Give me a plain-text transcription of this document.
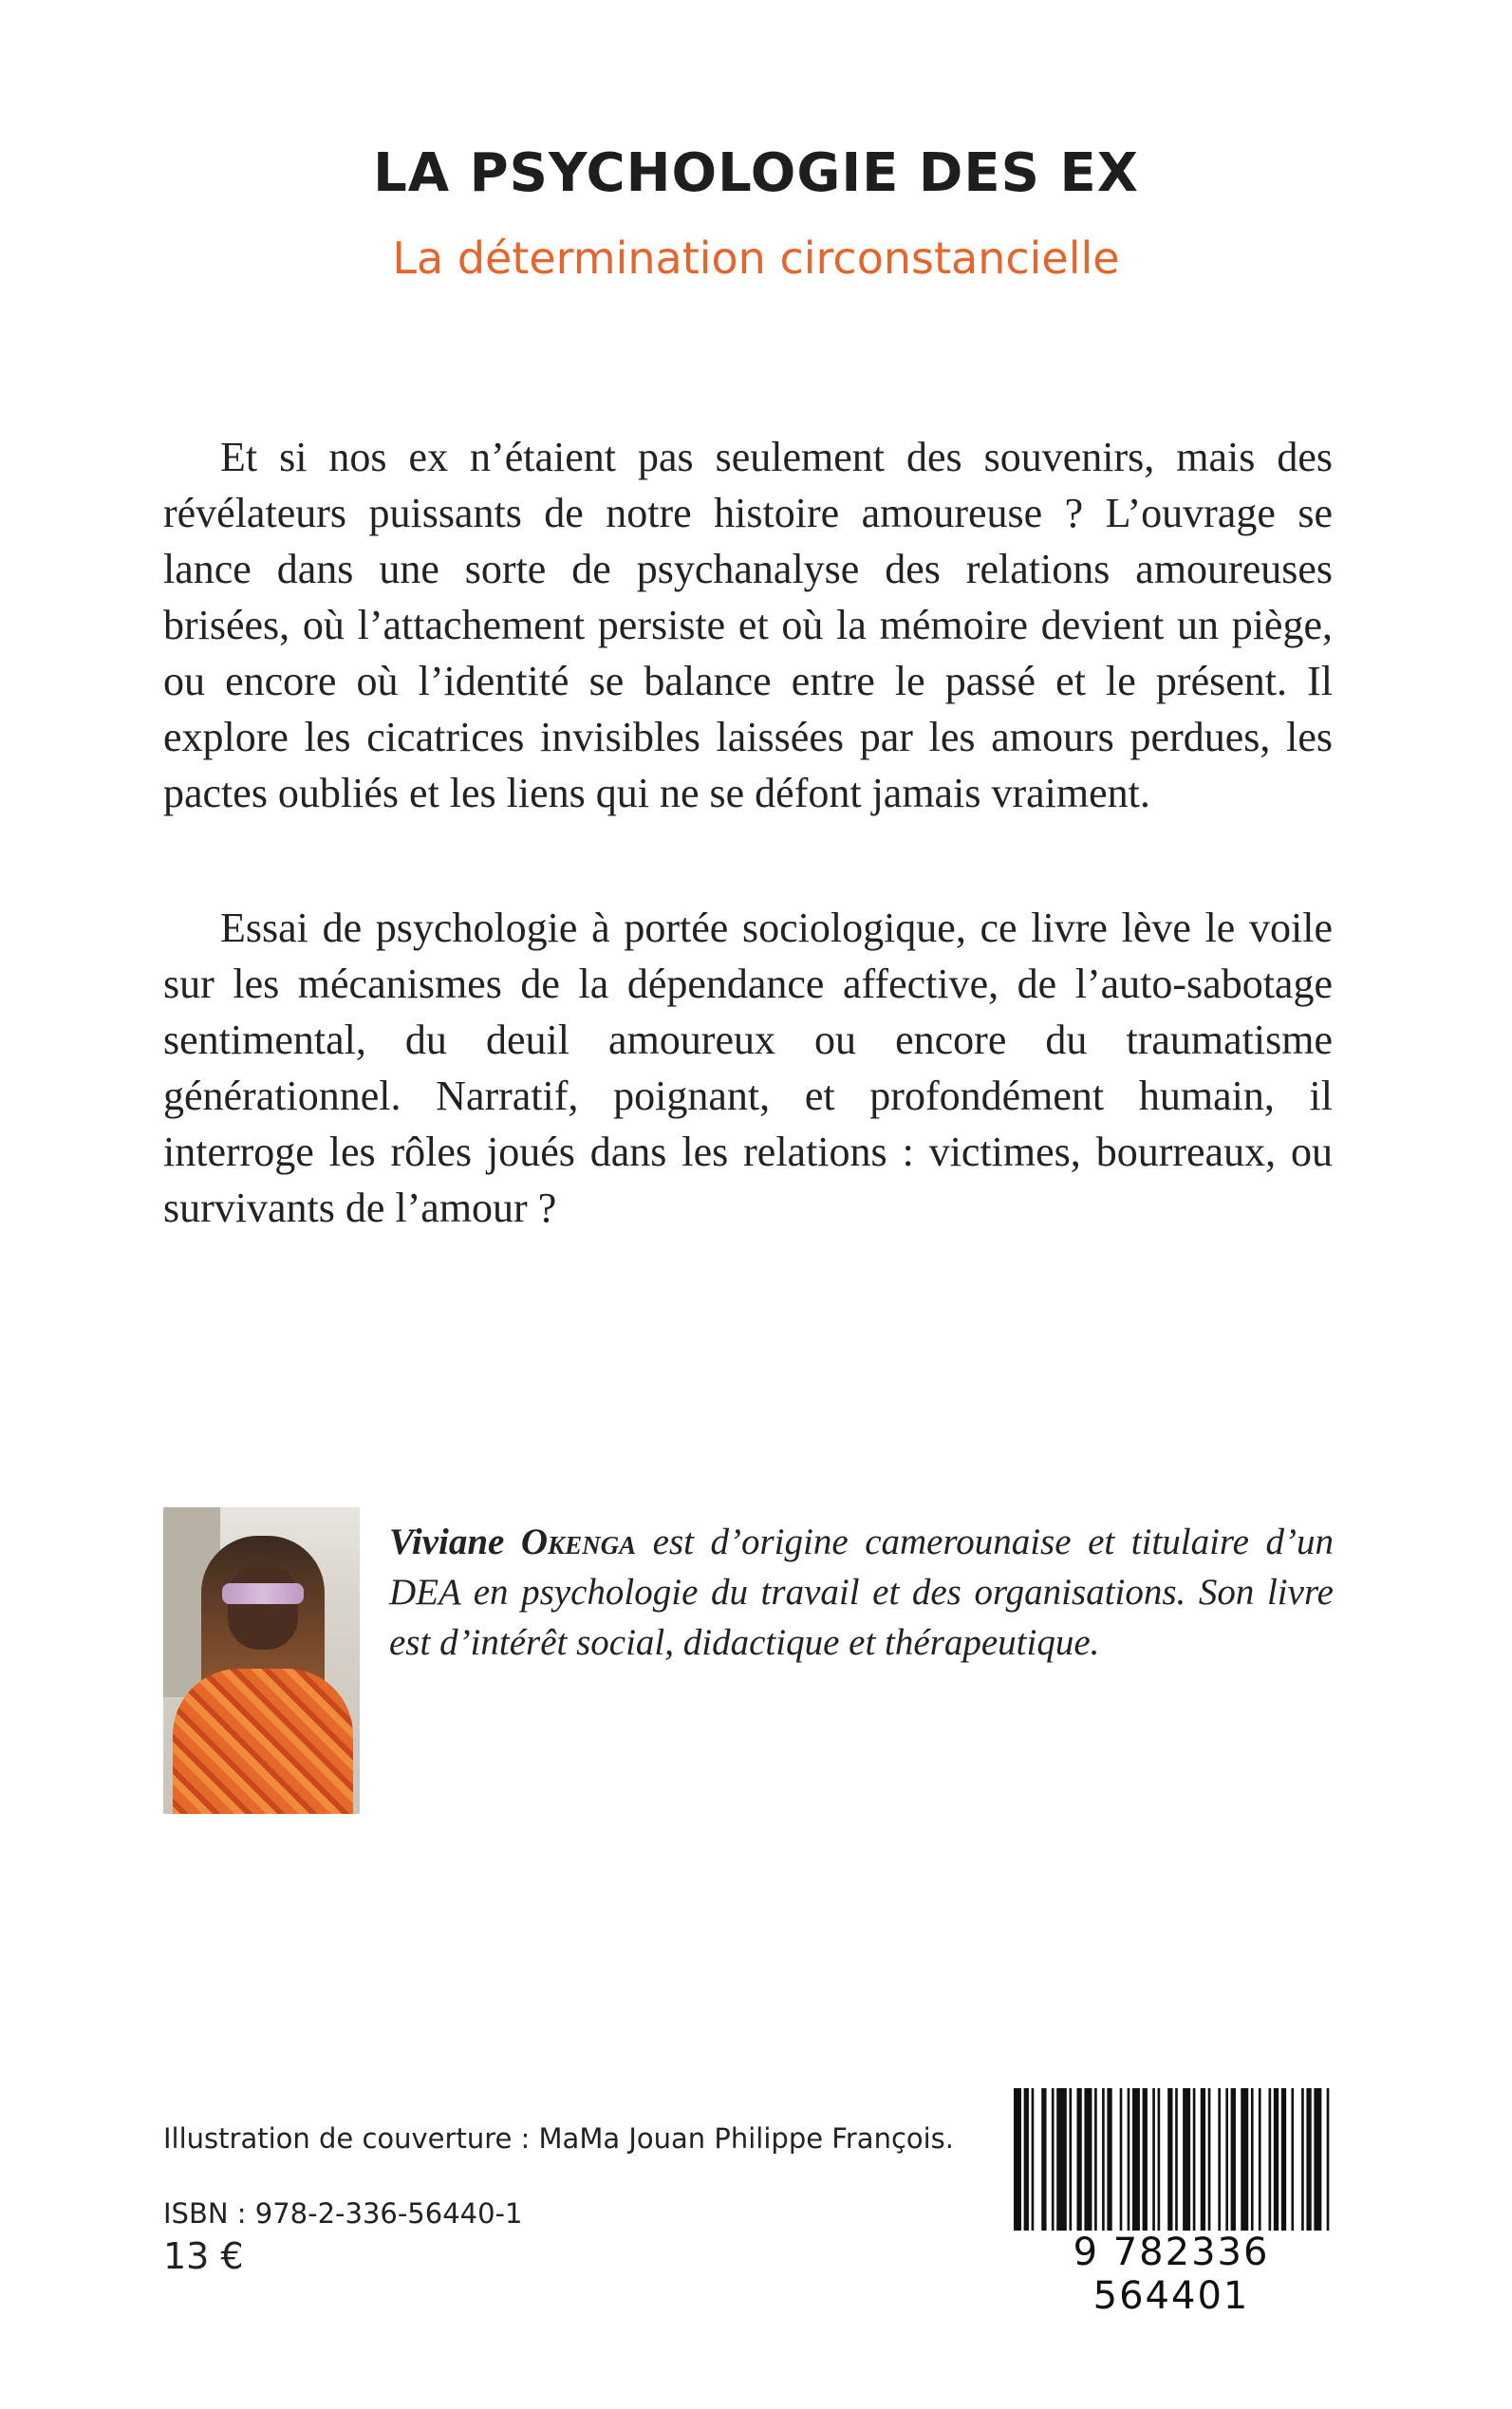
LA PSYCHOLOGIE DES EX
La détermination circonstancielle

Et si nos ex n’étaient pas seulement des souvenirs, mais des révélateurs puissants de notre histoire amoureuse ? L’ouvrage se lance dans une sorte de psychanalyse des relations amoureuses brisées, où l’attachement persiste et où la mémoire devient un piège, ou encore où l’identité se balance entre le passé et le présent. Il explore les cicatrices invisibles laissées par les amours perdues, les pactes oubliés et les liens qui ne se défont jamais vraiment.

Essai de psychologie à portée sociologique, ce livre lève le voile sur les mécanismes de la dépendance affective, de l’auto-sabotage sentimental, du deuil amoureux ou encore du traumatisme générationnel. Narratif, poignant, et profondément humain, il interroge les rôles joués dans les relations : victimes, bourreaux, ou survivants de l’amour ?

Viviane Okenga est d’origine camerounaise et titulaire d’un DEA en psychologie du travail et des organisations. Son livre est d’intérêt social, didactique et thérapeutique.

Illustration de couverture : MaMa Jouan Philippe François.
ISBN : 978-2-336-56440-1
13 €	9 782336 564401
